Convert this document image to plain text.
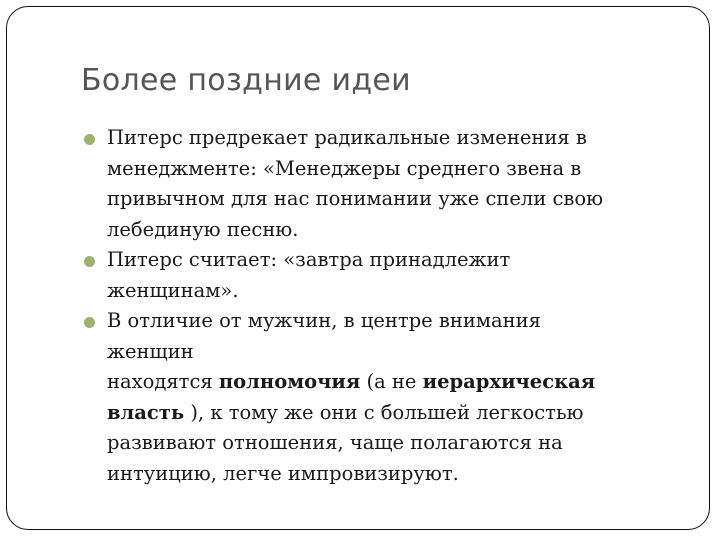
Более поздние идеи
Питерс предрекает радикальные изменения в
менеджменте: «Менеджеры среднего звена в
привычном для нас понимании уже спели свою
лебединую песню.
Питерс считает: «завтра принадлежит
женщинам».
В отличие от мужчин, в центре внимания
женщин
находятся полномочия (а не иерархическая
власть ), к тому же они с большей легкостью
развивают отношения, чаще полагаются на
интуицию, легче импровизируют.
